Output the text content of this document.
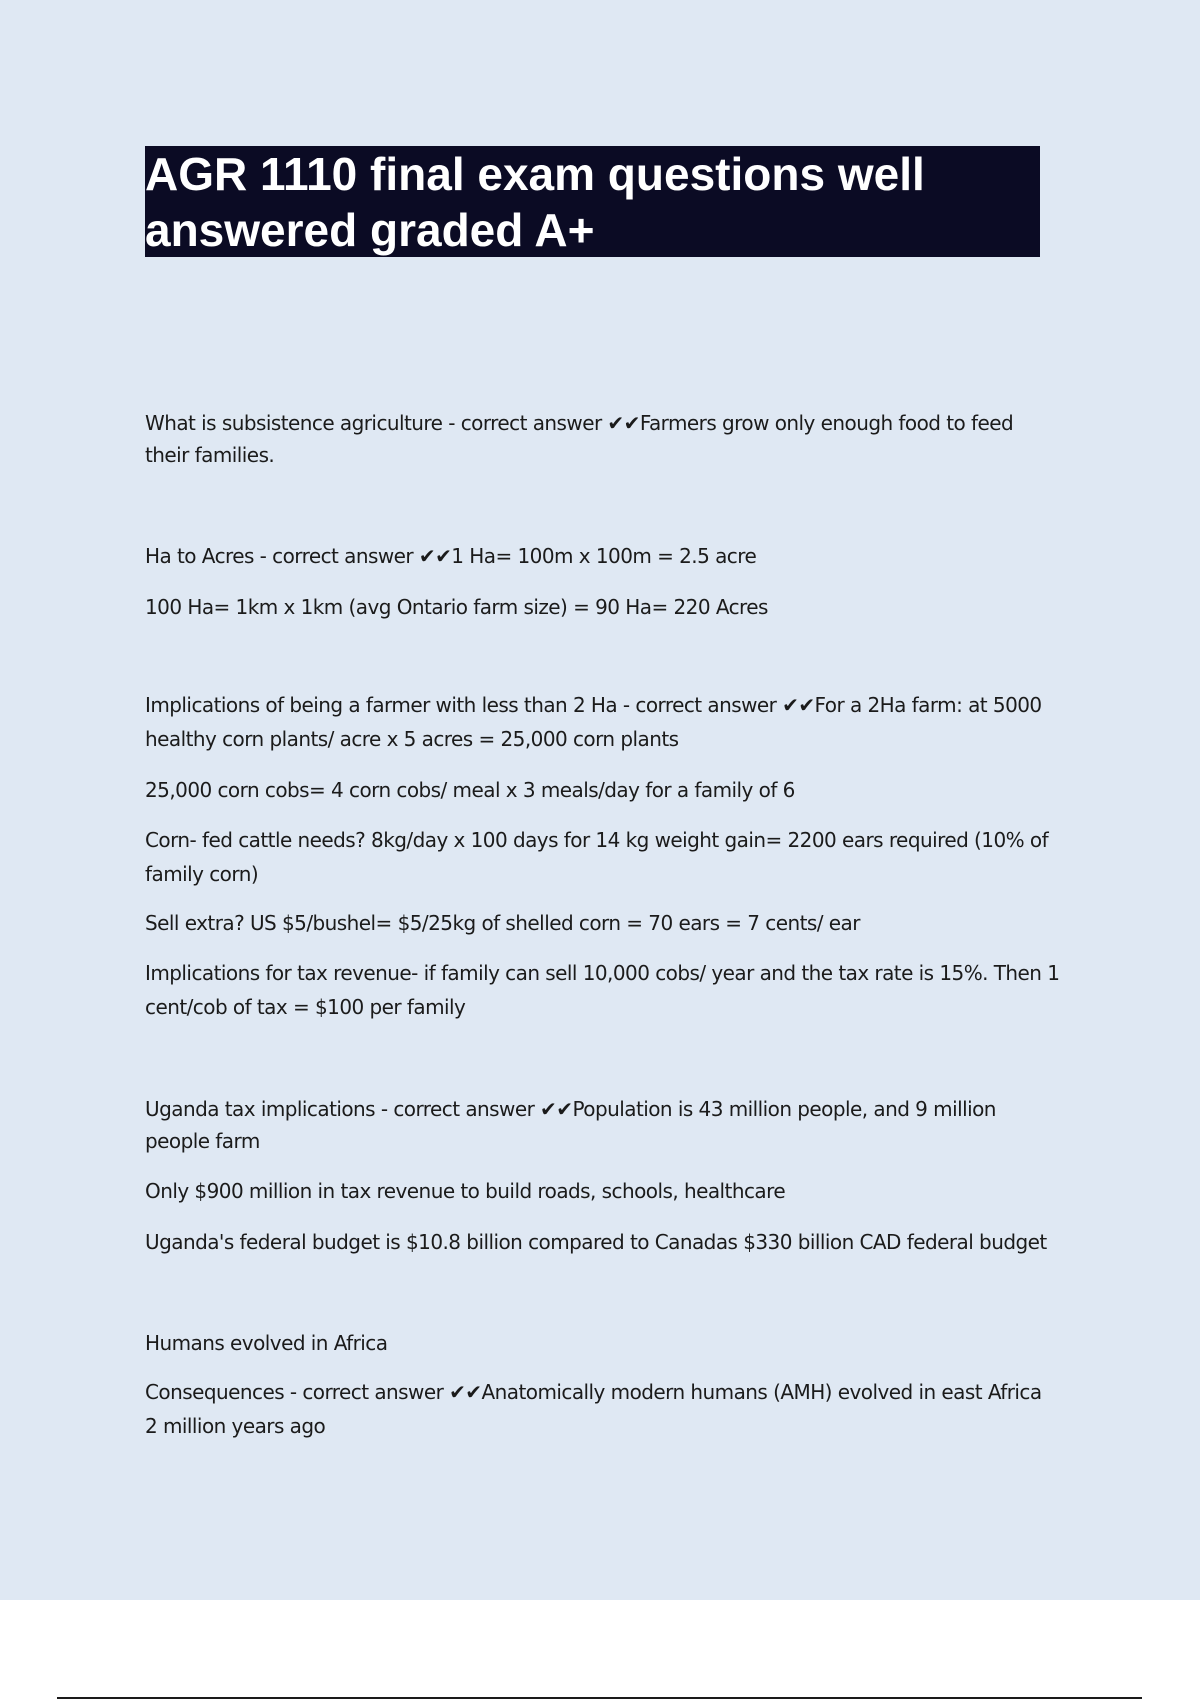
AGR 1110 final exam questions well
answered graded A+
What is subsistence agriculture - correct answer ✔✔Farmers grow only enough food to feed
their families.
Ha to Acres - correct answer ✔✔1 Ha= 100m x 100m = 2.5 acre
100 Ha= 1km x 1km (avg Ontario farm size) = 90 Ha= 220 Acres
Implications of being a farmer with less than 2 Ha - correct answer ✔✔For a 2Ha farm: at 5000
healthy corn plants/ acre x 5 acres = 25,000 corn plants
25,000 corn cobs= 4 corn cobs/ meal x 3 meals/day for a family of 6
Corn- fed cattle needs? 8kg/day x 100 days for 14 kg weight gain= 2200 ears required (10% of
family corn)
Sell extra? US $5/bushel= $5/25kg of shelled corn = 70 ears = 7 cents/ ear
Implications for tax revenue- if family can sell 10,000 cobs/ year and the tax rate is 15%. Then 1
cent/cob of tax = $100 per family
Uganda tax implications - correct answer ✔✔Population is 43 million people, and 9 million
people farm
Only $900 million in tax revenue to build roads, schools, healthcare
Uganda's federal budget is $10.8 billion compared to Canadas $330 billion CAD federal budget
Humans evolved in Africa
Consequences - correct answer ✔✔Anatomically modern humans (AMH) evolved in east Africa
2 million years ago
